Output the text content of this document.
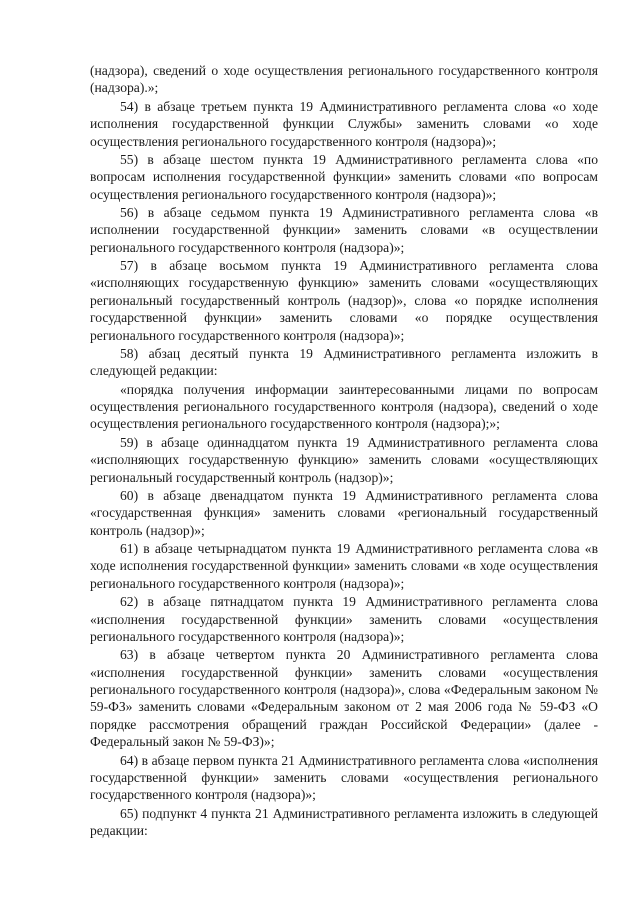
(надзора), сведений о ходе осуществления регионального государственного контроля (надзора).»;

54) в абзаце третьем пункта 19 Административного регламента слова «о ходе исполнения государственной функции Службы» заменить словами «о ходе осуществления регионального государственного контроля (надзора)»;

55) в абзаце шестом пункта 19 Административного регламента слова «по вопросам исполнения государственной функции» заменить словами «по вопросам осуществления регионального государственного контроля (надзора)»;

56) в абзаце седьмом пункта 19 Административного регламента слова «в исполнении государственной функции» заменить словами «в осуществлении регионального государственного контроля (надзора)»;

57) в абзаце восьмом пункта 19 Административного регламента слова «исполняющих государственную функцию» заменить словами «осуществляющих региональный государственный контроль (надзор)», слова «о порядке исполнения государственной функции» заменить словами «о порядке осуществления регионального государственного контроля (надзора)»;

58) абзац десятый пункта 19 Административного регламента изложить в следующей редакции:

«порядка получения информации заинтересованными лицами по вопросам осуществления регионального государственного контроля (надзора), сведений о ходе осуществления регионального государственного контроля (надзора);»;

59) в абзаце одиннадцатом пункта 19 Административного регламента слова «исполняющих государственную функцию» заменить словами «осуществляющих региональный государственный контроль (надзор)»;

60) в абзаце двенадцатом пункта 19 Административного регламента слова «государственная функция» заменить словами «региональный государственный контроль (надзор)»;

61) в абзаце четырнадцатом пункта 19 Административного регламента слова «в ходе исполнения государственной функции» заменить словами «в ходе осуществления регионального государственного контроля (надзора)»;

62) в абзаце пятнадцатом пункта 19 Административного регламента слова «исполнения государственной функции» заменить словами «осуществления регионального государственного контроля (надзора)»;

63) в абзаце четвертом пункта 20 Административного регламента слова «исполнения государственной функции» заменить словами «осуществления регионального государственного контроля (надзора)», слова «Федеральным законом № 59-ФЗ» заменить словами «Федеральным законом от 2 мая 2006 года № 59-ФЗ «О порядке рассмотрения обращений граждан Российской Федерации» (далее - Федеральный закон № 59-ФЗ)»;

64) в абзаце первом пункта 21 Административного регламента слова «исполнения государственной функции» заменить словами «осуществления регионального государственного контроля (надзора)»;

65) подпункт 4 пункта 21 Административного регламента изложить в следующей редакции:
